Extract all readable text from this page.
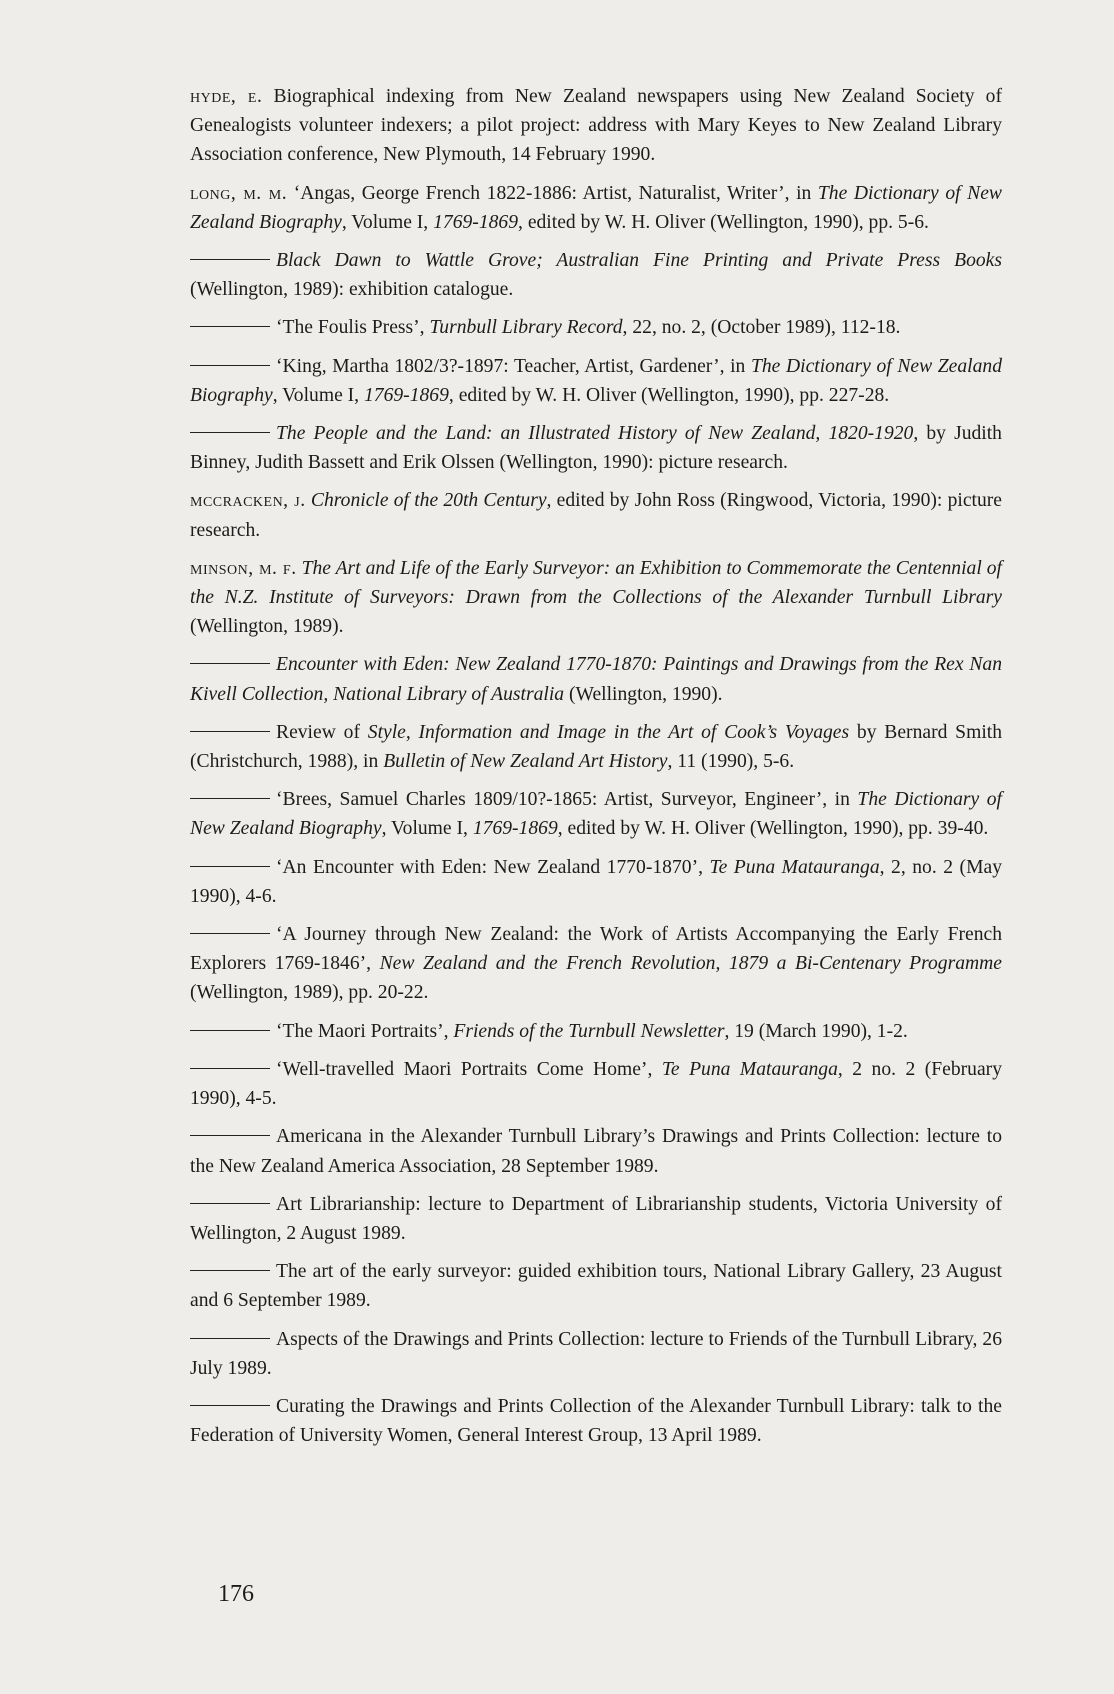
hyde, e. Biographical indexing from New Zealand newspapers using New Zealand Society of Genealogists volunteer indexers; a pilot project: address with Mary Keyes to New Zealand Library Association conference, New Plymouth, 14 February 1990.

long, m. m. ‘Angas, George French 1822-1886: Artist, Naturalist, Writer’, in The Dictionary of New Zealand Biography, Volume I, 1769-1869, edited by W. H. Oliver (Wellington, 1990), pp. 5-6.

Black Dawn to Wattle Grove; Australian Fine Printing and Private Press Books (Wellington, 1989): exhibition catalogue.

‘The Foulis Press’, Turnbull Library Record, 22, no. 2, (October 1989), 112-18.

‘King, Martha 1802/3?-1897: Teacher, Artist, Gardener’, in The Dictionary of New Zealand Biography, Volume I, 1769-1869, edited by W. H. Oliver (Wellington, 1990), pp. 227-28.

The People and the Land: an Illustrated History of New Zealand, 1820-1920, by Judith Binney, Judith Bassett and Erik Olssen (Wellington, 1990): picture research.

mccracken, j. Chronicle of the 20th Century, edited by John Ross (Ringwood, Victoria, 1990): picture research.

minson, m. f. The Art and Life of the Early Surveyor: an Exhibition to Commemorate the Centennial of the N.Z. Institute of Surveyors: Drawn from the Collections of the Alexander Turnbull Library (Wellington, 1989).

Encounter with Eden: New Zealand 1770-1870: Paintings and Drawings from the Rex Nan Kivell Collection, National Library of Australia (Wellington, 1990).

Review of Style, Information and Image in the Art of Cook’s Voyages by Bernard Smith (Christchurch, 1988), in Bulletin of New Zealand Art History, 11 (1990), 5-6.

‘Brees, Samuel Charles 1809/10?-1865: Artist, Surveyor, Engineer’, in The Dictionary of New Zealand Biography, Volume I, 1769-1869, edited by W. H. Oliver (Wellington, 1990), pp. 39-40.

‘An Encounter with Eden: New Zealand 1770-1870’, Te Puna Matauranga, 2, no. 2 (May 1990), 4-6.

‘A Journey through New Zealand: the Work of Artists Accompanying the Early French Explorers 1769-1846’, New Zealand and the French Revolution, 1879 a Bi-Centenary Programme (Wellington, 1989), pp. 20-22.

‘The Maori Portraits’, Friends of the Turnbull Newsletter, 19 (March 1990), 1-2.

‘Well-travelled Maori Portraits Come Home’, Te Puna Matauranga, 2 no. 2 (February 1990), 4-5.

Americana in the Alexander Turnbull Library’s Drawings and Prints Collection: lecture to the New Zealand America Association, 28 September 1989.

Art Librarianship: lecture to Department of Librarianship students, Victoria University of Wellington, 2 August 1989.

The art of the early surveyor: guided exhibition tours, National Library Gallery, 23 August and 6 September 1989.

Aspects of the Drawings and Prints Collection: lecture to Friends of the Turnbull Library, 26 July 1989.

Curating the Drawings and Prints Collection of the Alexander Turnbull Library: talk to the Federation of University Women, General Interest Group, 13 April 1989.

176
